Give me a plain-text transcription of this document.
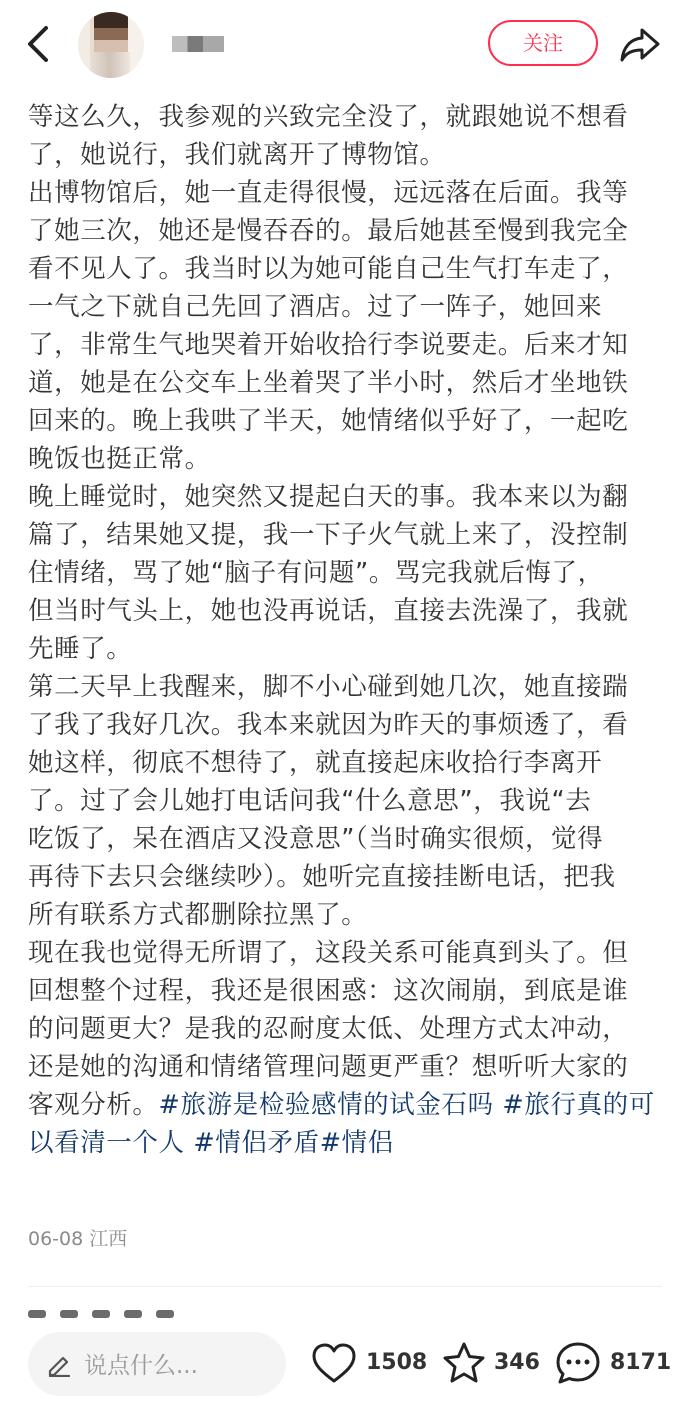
关注

等这么久，我参观的兴致完全没了，就跟她说不想看
了，她说行，我们就离开了博物馆。

出博物馆后，她一直走得很慢，远远落在后面。我等
了她三次，她还是慢吞吞的。最后她甚至慢到我完全
看不见人了。我当时以为她可能自己生气打车走了，
一气之下就自己先回了酒店。过了一阵子，她回来
了，非常生气地哭着开始收拾行李说要走。后来才知
道，她是在公交车上坐着哭了半小时，然后才坐地铁
回来的。晚上我哄了半天，她情绪似乎好了，一起吃
晚饭也挺正常。

晚上睡觉时，她突然又提起白天的事。我本来以为翻
篇了，结果她又提，我一下子火气就上来了，没控制
住情绪，骂了她“脑子有问题”。骂完我就后悔了，
但当时气头上，她也没再说话，直接去洗澡了，我就
先睡了。

第二天早上我醒来，脚不小心碰到她几次，她直接踹
了我了我好几次。我本来就因为昨天的事烦透了，看
她这样，彻底不想待了，就直接起床收拾行李离开
了。过了会儿她打电话问我“什么意思”，我说“去
吃饭了，呆在酒店又没意思”（当时确实很烦，觉得
再待下去只会继续吵）。她听完直接挂断电话，把我
所有联系方式都删除拉黑了。

现在我也觉得无所谓了，这段关系可能真到头了。但
回想整个过程，我还是很困惑：这次闹崩，到底是谁
的问题更大？是我的忍耐度太低、处理方式太冲动，
还是她的沟通和情绪管理问题更严重？想听听大家的
客观分析。#旅游是检验感情的试金石吗 #旅行真的可
以看清一个人 #情侣矛盾#情侣

06-08 江西
说点什么...	1508	346	8171
